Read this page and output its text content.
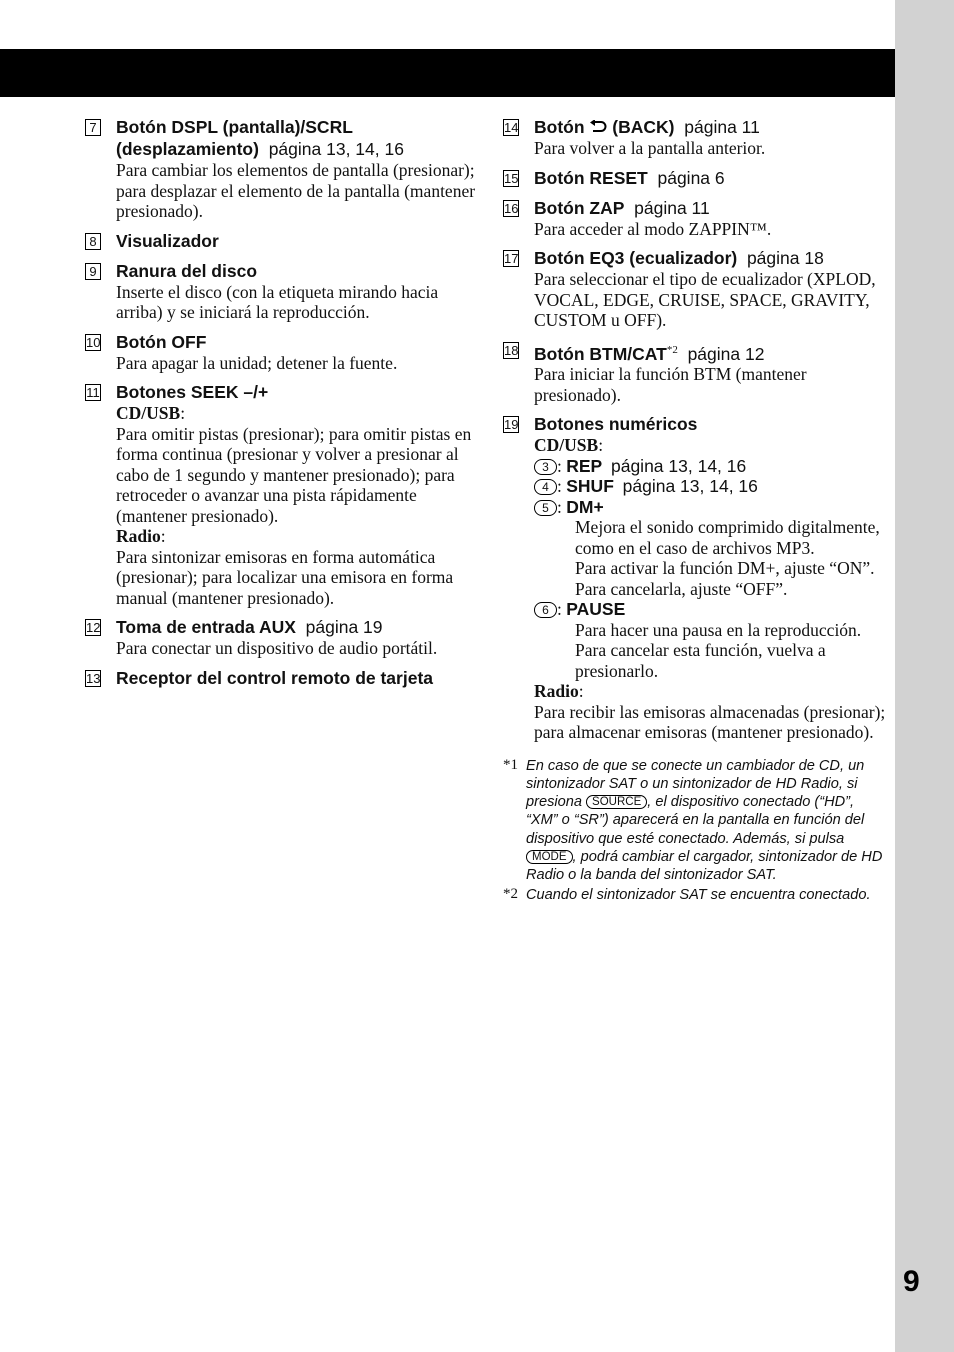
9
7 Botón DSPL (pantalla)/SCRL
(desplazamiento) página 13, 14, 16
Para cambiar los elementos de pantalla (presionar); para desplazar el elemento de la pantalla (mantener presionado).
8 Visualizador
9 Ranura del disco
Inserte el disco (con la etiqueta mirando hacia arriba) y se iniciará la reproducción.
10 Botón OFF
Para apagar la unidad; detener la fuente.
11 Botones SEEK –/+
CD/USB:
Para omitir pistas (presionar); para omitir pistas en forma continua (presionar y volver a presionar al cabo de 1 segundo y mantener presionado); para retroceder o avanzar una pista rápidamente (mantener presionado).
Radio:
Para sintonizar emisoras en forma automática (presionar); para localizar una emisora en forma manual (mantener presionado).
12 Toma de entrada AUX página 19
Para conectar un dispositivo de audio portátil.
13 Receptor del control remoto de tarjeta
14 Botón (BACK) página 11
Para volver a la pantalla anterior.
15 Botón RESET página 6
16 Botón ZAP página 11
Para acceder al modo ZAPPIN™.
17 Botón EQ3 (ecualizador) página 18
Para seleccionar el tipo de ecualizador (XPLOD, VOCAL, EDGE, CRUISE, SPACE, GRAVITY, CUSTOM u OFF).
18 Botón BTM/CAT$^{*2}$ página 12
Para iniciar la función BTM (mantener presionado).
19 Botones numéricos
CD/USB:
3 : REP página 13, 14, 16
4 : SHUF página 13, 14, 16
5 : DM+
Mejora el sonido comprimido digitalmente, como en el caso de archivos MP3.
Para activar la función DM+, ajuste “ON”. Para cancelarla, ajuste “OFF”.
6 : PAUSE
Para hacer una pausa en la reproducción. Para cancelar esta función, vuelva a presionarlo.
Radio:
Para recibir las emisoras almacenadas (presionar); para almacenar emisoras (mantener presionado).
*1 En caso de que se conecte un cambiador de CD, un sintonizador SAT o un sintonizador de HD Radio, si presiona SOURCE , el dispositivo conectado (“HD”, “XM” o “SR”) aparecerá en la pantalla en función del dispositivo que esté conectado. Además, si pulsa MODE , podrá cambiar el cargador, sintonizador de HD Radio o la banda del sintonizador SAT.
*2 Cuando el sintonizador SAT se encuentra conectado.
